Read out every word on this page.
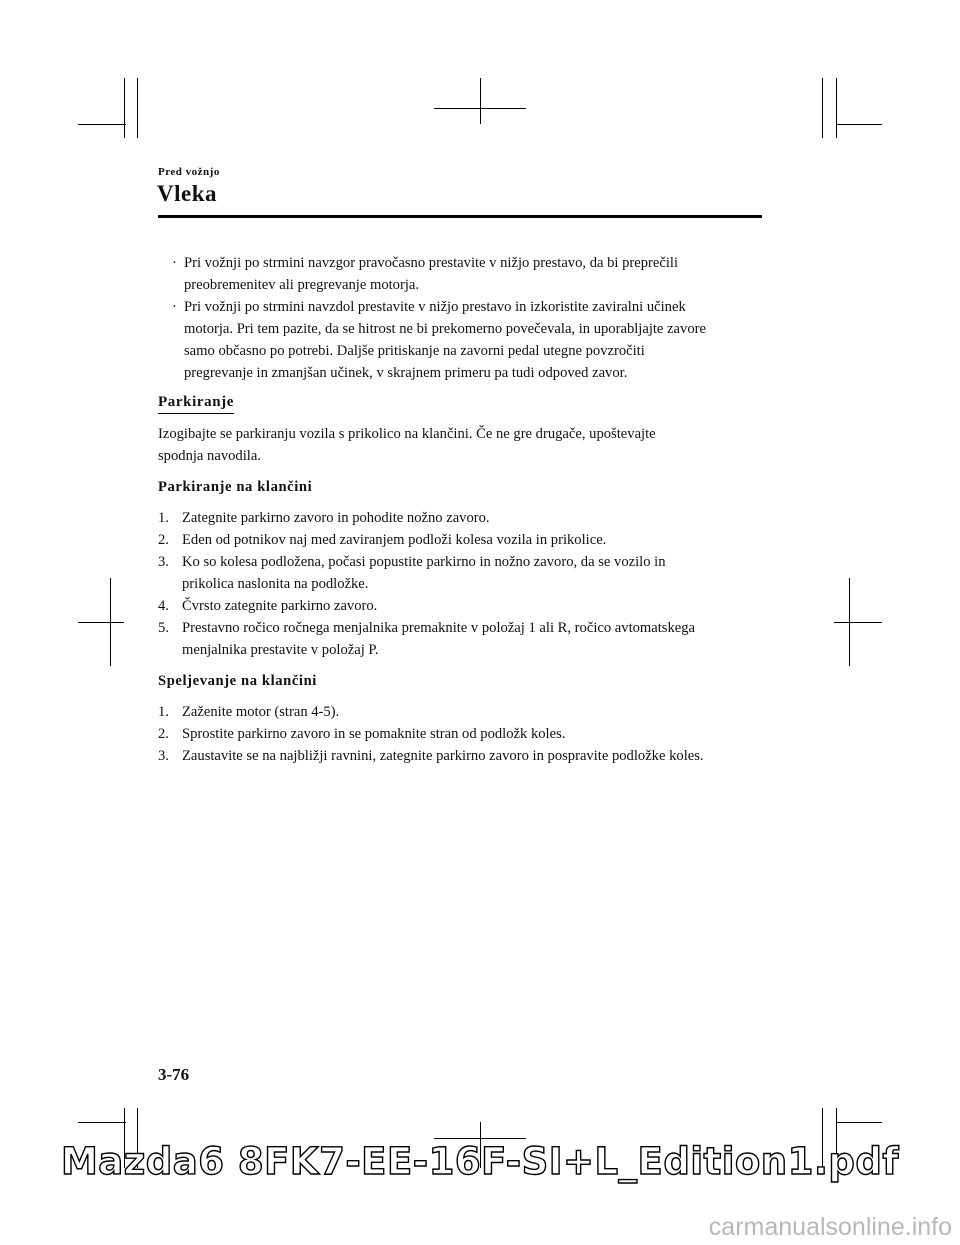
Pred vožnjo
Vleka
· Pri vožnji po strmini navzgor pravočasno prestavite v nižjo prestavo, da bi preprečili
preobremenitev ali pregrevanje motorja.
· Pri vožnji po strmini navzdol prestavite v nižjo prestavo in izkoristite zaviralni učinek
motorja. Pri tem pazite, da se hitrost ne bi prekomerno povečevala, in uporabljajte zavore
samo občasno po potrebi. Daljše pritiskanje na zavorni pedal utegne povzročiti
pregrevanje in zmanjšan učinek, v skrajnem primeru pa tudi odpoved zavor.
Parkiranje
Izogibajte se parkiranju vozila s prikolico na klančini. Če ne gre drugače, upoštevajte
spodnja navodila.
Parkiranje na klančini
1. Zategnite parkirno zavoro in pohodite nožno zavoro.
2. Eden od potnikov naj med zaviranjem podloži kolesa vozila in prikolice.
3. Ko so kolesa podložena, počasi popustite parkirno in nožno zavoro, da se vozilo in
prikolica naslonita na podložke.
4. Čvrsto zategnite parkirno zavoro.
5. Prestavno ročico ročnega menjalnika premaknite v položaj 1 ali R, ročico avtomatskega
menjalnika prestavite v položaj P.
Speljevanje na klančini
1. Zaženite motor (stran 4-5).
2. Sprostite parkirno zavoro in se pomaknite stran od podložk koles.
3. Zaustavite se na najbližji ravnini, zategnite parkirno zavoro in pospravite podložke koles.
3-76
Mazda6 8FK7-EE-16F-SI+L_Edition1.pdf
carmanualsonline.info
